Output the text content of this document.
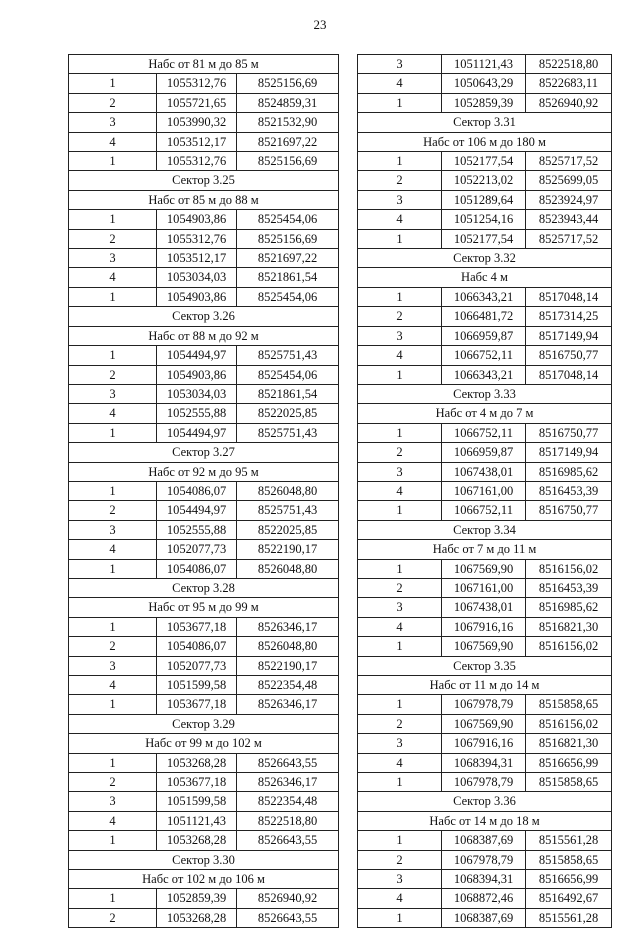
23
Набс от 81 м до 85 м		
1	1055312,76	8525156,69
2	1055721,65	8524859,31
3	1053990,32	8521532,90
4	1053512,17	8521697,22
1	1055312,76	8525156,69
Сектор 3.25		
Набс от 85 м до 88 м		
1	1054903,86	8525454,06
2	1055312,76	8525156,69
3	1053512,17	8521697,22
4	1053034,03	8521861,54
1	1054903,86	8525454,06
Сектор 3.26		
Набс от 88 м до 92 м		
1	1054494,97	8525751,43
2	1054903,86	8525454,06
3	1053034,03	8521861,54
4	1052555,88	8522025,85
1	1054494,97	8525751,43
Сектор 3.27		
Набс от 92 м до 95 м		
1	1054086,07	8526048,80
2	1054494,97	8525751,43
3	1052555,88	8522025,85
4	1052077,73	8522190,17
1	1054086,07	8526048,80
Сектор 3.28		
Набс от 95 м до 99 м		
1	1053677,18	8526346,17
2	1054086,07	8526048,80
3	1052077,73	8522190,17
4	1051599,58	8522354,48
1	1053677,18	8526346,17
Сектор 3.29		
Набс от 99 м до 102 м		
1	1053268,28	8526643,55
2	1053677,18	8526346,17
3	1051599,58	8522354,48
4	1051121,43	8522518,80
1	1053268,28	8526643,55
Сектор 3.30		
Набс от 102 м до 106 м		
1	1052859,39	8526940,92
2	1053268,28	8526643,55
3	1051121,43	8522518,80
4	1050643,29	8522683,11
1	1052859,39	8526940,92
Сектор 3.31		
Набс от 106 м до 180 м		
1	1052177,54	8525717,52
2	1052213,02	8525699,05
3	1051289,64	8523924,97
4	1051254,16	8523943,44
1	1052177,54	8525717,52
Сектор 3.32		
Набс 4 м		
1	1066343,21	8517048,14
2	1066481,72	8517314,25
3	1066959,87	8517149,94
4	1066752,11	8516750,77
1	1066343,21	8517048,14
Сектор 3.33		
Набс от 4 м до 7 м		
1	1066752,11	8516750,77
2	1066959,87	8517149,94
3	1067438,01	8516985,62
4	1067161,00	8516453,39
1	1066752,11	8516750,77
Сектор 3.34		
Набс от 7 м до 11 м		
1	1067569,90	8516156,02
2	1067161,00	8516453,39
3	1067438,01	8516985,62
4	1067916,16	8516821,30
1	1067569,90	8516156,02
Сектор 3.35		
Набс от 11 м до 14 м		
1	1067978,79	8515858,65
2	1067569,90	8516156,02
3	1067916,16	8516821,30
4	1068394,31	8516656,99
1	1067978,79	8515858,65
Сектор 3.36		
Набс от 14 м до 18 м		
1	1068387,69	8515561,28
2	1067978,79	8515858,65
3	1068394,31	8516656,99
4	1068872,46	8516492,67
1	1068387,69	8515561,28
